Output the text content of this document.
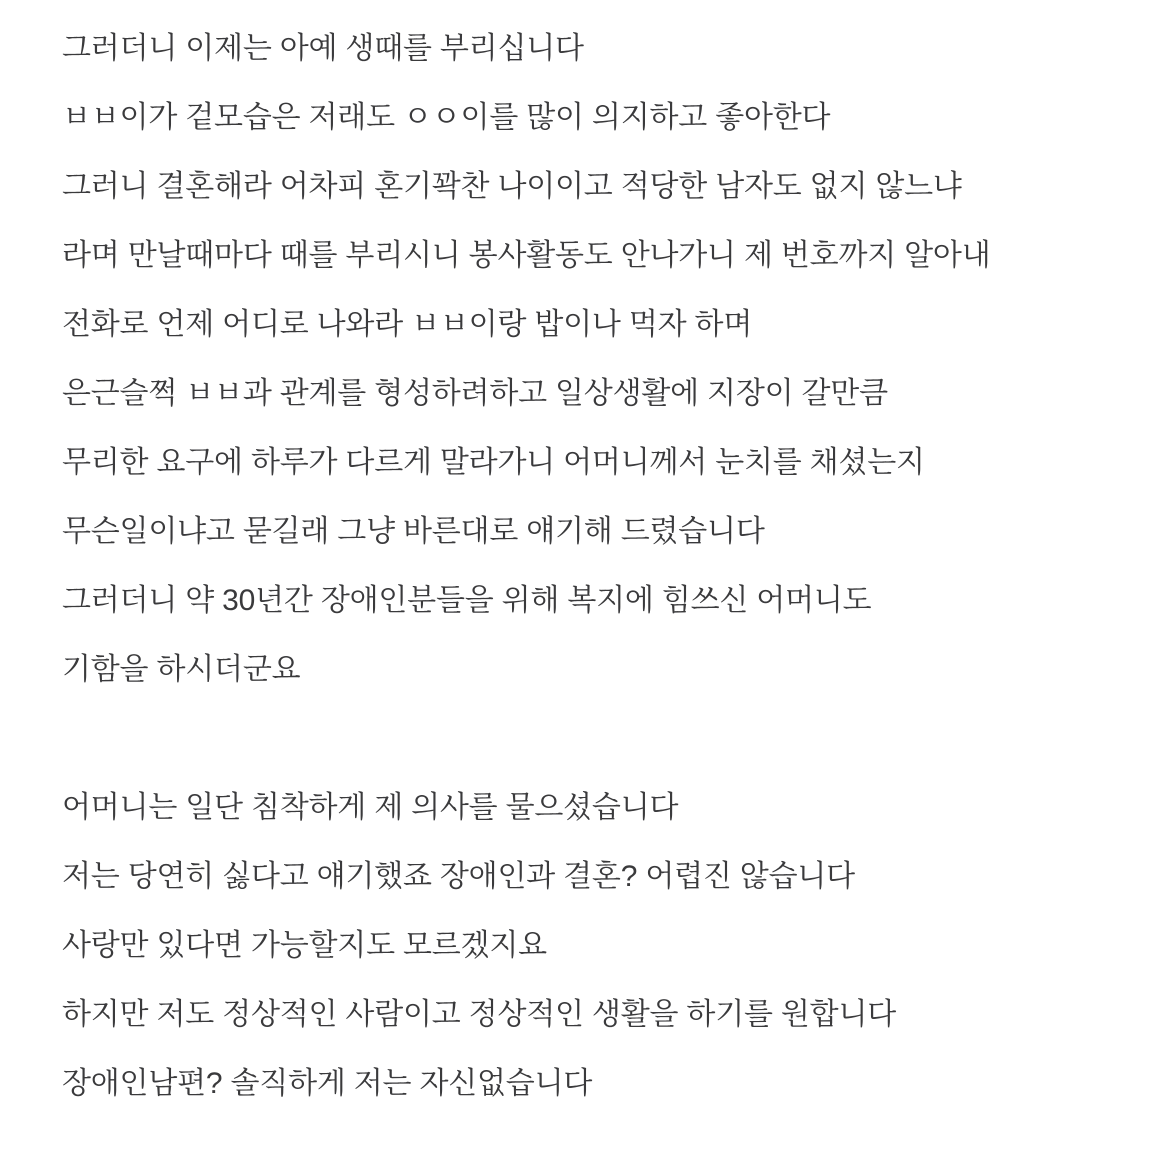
그러더니 이제는 아예 생때를 부리십니다
ㅂㅂ이가 겉모습은 저래도 ㅇㅇ이를 많이 의지하고 좋아한다
그러니 결혼해라 어차피 혼기꽉찬 나이이고 적당한 남자도 없지 않느냐
라며 만날때마다 때를 부리시니 봉사활동도 안나가니 제 번호까지 알아내
전화로 언제 어디로 나와라 ㅂㅂ이랑 밥이나 먹자 하며
은근슬쩍 ㅂㅂ과 관계를 형성하려하고 일상생활에 지장이 갈만큼
무리한 요구에 하루가 다르게 말라가니 어머니께서 눈치를 채셨는지
무슨일이냐고 묻길래 그냥 바른대로 얘기해 드렸습니다
그러더니 약 30년간 장애인분들을 위해 복지에 힘쓰신 어머니도
기함을 하시더군요

어머니는 일단 침착하게 제 의사를 물으셨습니다
저는 당연히 싫다고 얘기했죠 장애인과 결혼? 어렵진 않습니다
사랑만 있다면 가능할지도 모르겠지요
하지만 저도 정상적인 사람이고 정상적인 생활을 하기를 원합니다
장애인남편? 솔직하게 저는 자신없습니다
